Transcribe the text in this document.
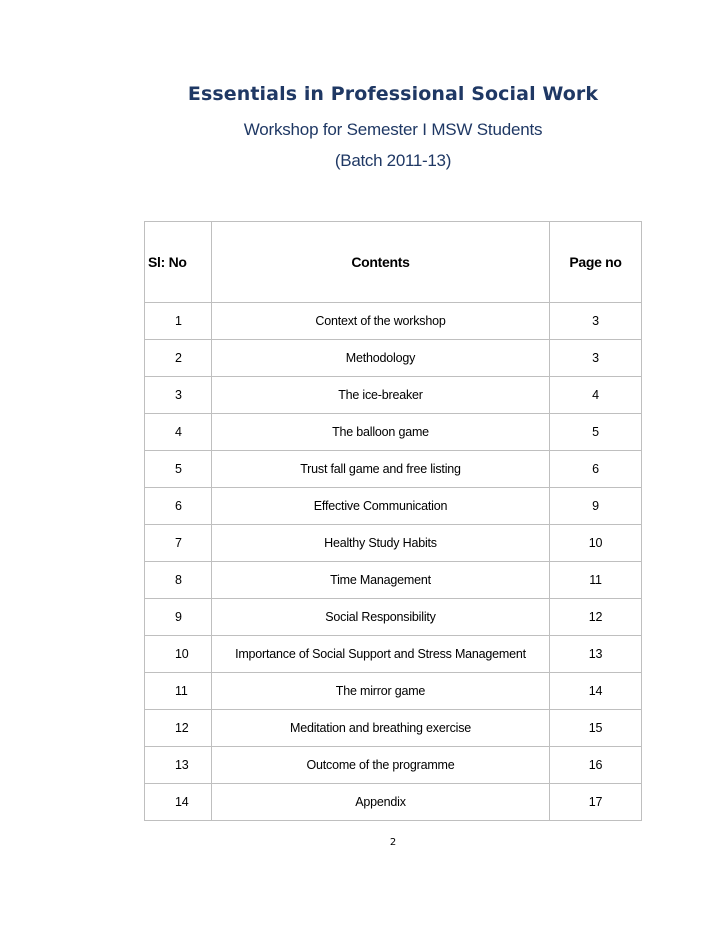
Essentials in Professional Social Work
Workshop for Semester I MSW Students
(Batch 2011-13)
Sl: No	Contents	Page no
1	Context of the workshop	3
2	Methodology	3
3	The ice-breaker	4
4	The balloon game	5
5	Trust fall game and free listing	6
6	Effective Communication	9
7	Healthy Study Habits	10
8	Time Management	11
9	Social Responsibility	12
10	Importance of Social Support and Stress Management	13
11	The mirror game	14
12	Meditation and breathing exercise	15
13	Outcome of the programme	16
14	Appendix	17
2
